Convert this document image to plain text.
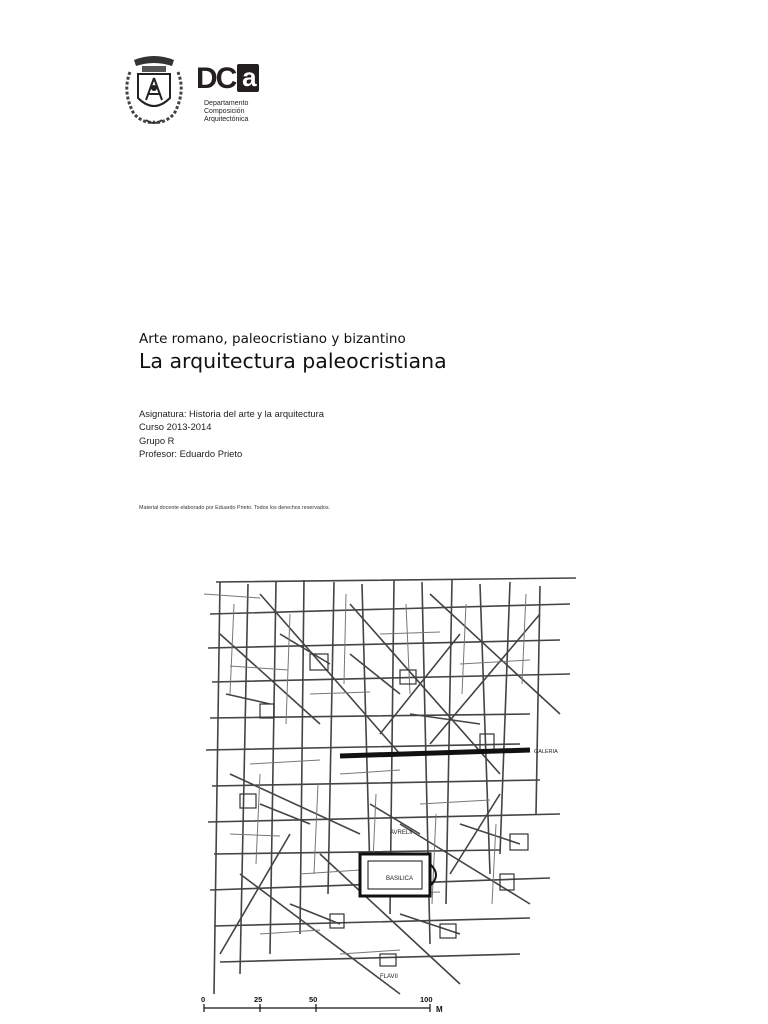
DC a
Departamento
Composición
Arquitectónica
Arte romano, paleocristiano y bizantino
La arquitectura paleocristiana
Asignatura: Historia del arte y la arquitectura
Curso 2013-2014
Grupo R
Profesor: Eduardo Prieto
Material docente elaborado por Eduardo Prieto. Todos los derechos reservados.
GALERIA
AVRELII
BASILICA
FLAVII
0	25	50	100
M
